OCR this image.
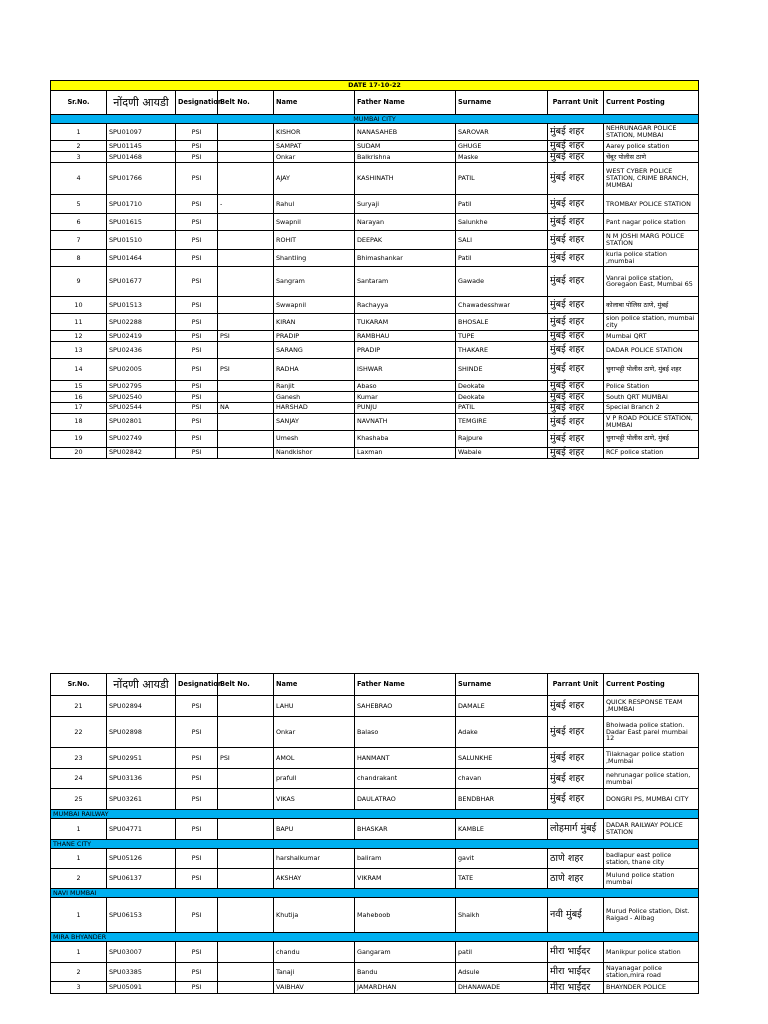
DATE 17-10-22								
Sr.No.	नोंदणी आयडी	Designation	Belt No.	Name	Father Name	Surname	Parrant Unit	Current Posting
MUMBAI CITY								
1	SPU01097	PSI		KISHOR	NANASAHEB	SAROVAR	मुंबई शहर	NEHRUNAGAR POLICE STATION, MUMBAI
2	SPU01145	PSI		SAMPAT	SUDAM	GHUGE	मुंबई शहर	Aarey police station
3	SPU01468	PSI		Onkar	Balkrishna	Maske	मुंबई शहर	चेंबूर पोलीस ठाणे
4	SPU01766	PSI		AJAY	KASHINATH	PATIL	मुंबई शहर	WEST CYBER POLICE STATION, CRIME BRANCH, MUMBAI
5	SPU01710	PSI	-	Rahul	Suryaji	Patil	मुंबई शहर	TROMBAY POLICE STATION
6	SPU01615	PSI		Swapnil	Narayan	Salunkhe	मुंबई शहर	Pant nagar police station
7	SPU01510	PSI		ROHIT	DEEPAK	SALI	मुंबई शहर	N M JOSHI MARG POLICE STATION
8	SPU01464	PSI		Shantling	Bhimashankar	Patil	मुंबई शहर	kurla police station ,mumbai
9	SPU01677	PSI		Sangram	Santaram	Gawade	मुंबई शहर	Vanrai police station, Goregaon East, Mumbai 65
10	SPU01513	PSI		Swwapnil	Rachayya	Chawadesshwar	मुंबई शहर	कोलाबा पोलिस ठाणे, मुंबई
11	SPU02288	PSI		KIRAN	TUKARAM	BHOSALE	मुंबई शहर	sion police station, mumbai city
12	SPU02419	PSI	PSI	PRADIP	RAMBHAU	TUPE	मुंबई शहर	Mumbai QRT
13	SPU02436	PSI		SARANG	PRADIP	THAKARE	मुंबई शहर	DADAR POLICE STATION
14	SPU02005	PSI	PSI	RADHA	ISHWAR	SHINDE	मुंबई शहर	चुनाभट्टी पोलीस ठाणे, मुंबई शहर
15	SPU02795	PSI		Ranjit	Abaso	Deokate	मुंबई शहर	Police Station
16	SPU02540	PSI		Ganesh	Kumar	Deokate	मुंबई शहर	South QRT MUMBAI
17	SPU02544	PSI	NA	HARSHAD	PUNJU	PATIL	मुंबई शहर	Special Branch 2
18	SPU02801	PSI		SANJAY	NAVNATH	TEMGIRE	मुंबई शहर	V P ROAD POLICE STATION, MUMBAI
19	SPU02749	PSI		Umesh	Khashaba	Rajpure	मुंबई शहर	चुनाभट्टी पोलीस ठाणे, मुंबई
20	SPU02842	PSI		Nandkishor	Laxman	Wabale	मुंबई शहर	RCF police station
Sr.No.	नोंदणी आयडी	Designation	Belt No.	Name	Father Name	Surname	Parrant Unit	Current Posting
21	SPU02894	PSI		LAHU	SAHEBRAO	DAMALE	मुंबई शहर	QUICK RESPONSE TEAM ,MUMBAI
22	SPU02898	PSI		Onkar	Balaso	Adake	मुंबई शहर	Bhoiwada police station. Dadar East parel mumbai 12
23	SPU02951	PSI	PSI	AMOL	HANMANT	SALUNKHE	मुंबई शहर	Tilaknagar police station ,Mumbai
24	SPU03136	PSI		prafull	chandrakant	chavan	मुंबई शहर	nehrunagar police station, mumbai
25	SPU03261	PSI		VIKAS	DAULATRAO	BENDBHAR	मुंबई शहर	DONGRI PS, MUMBAI CITY
MUMBAI RAILWAY								
1	SPU04771	PSI		BAPU	BHASKAR	KAMBLE	लोहमार्ग मुंबई	DADAR RAILWAY POLICE STATION
THANE CITY								
1	SPU05126	PSI		harshalkumar	baliram	gavit	ठाणे शहर	badlapur east police station, thane city
2	SPU06137	PSI		AKSHAY	VIKRAM	TATE	ठाणे शहर	Mulund police station mumbai
NAVI MUMBAI								
1	SPU06153	PSI		Khutija	Maheboob	Shaikh	नवी मुंबई	Murud Police station, Dist. Raigad - Alibag
MIRA BHYANDER								
1	SPU03007	PSI		chandu	Gangaram	patil	मीरा भाईंदर	Manikpur police station
2	SPU03385	PSI		Tanaji	Bandu	Adsule	मीरा भाईंदर	Nayanagar police station,mira road
3	SPU05091	PSI		VAIBHAV	JAMARDHAN	DHANAWADE	मीरा भाईंदर	BHAYNDER POLICE
